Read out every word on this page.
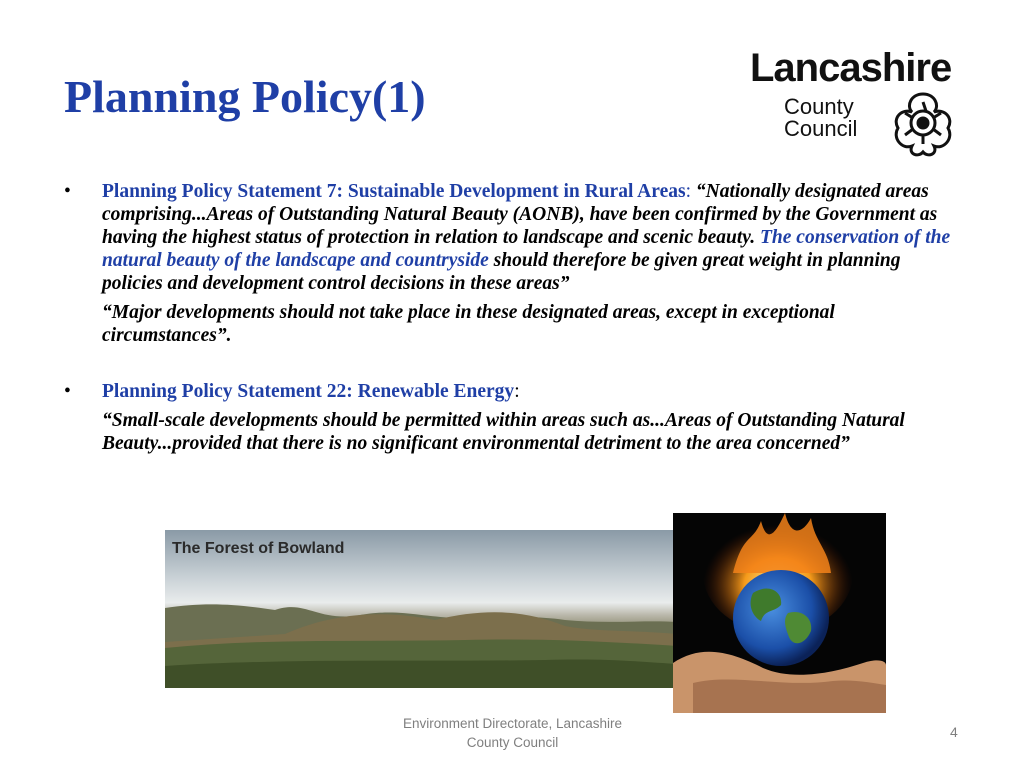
Planning Policy(1)
Lancashire
County
Council
• Planning Policy Statement 7: Sustainable Development in Rural Areas: “Nationally designated areas comprising...Areas of Outstanding Natural Beauty (AONB), have been confirmed by the Government as having the highest status of protection in relation to landscape and scenic beauty. The conservation of the natural beauty of the landscape and countryside should therefore be given great weight in planning policies and development control decisions in these areas”

“Major developments should not take place in these designated areas, except in exceptional circumstances”.

• Planning Policy Statement 22: Renewable Energy:

“Small-scale developments should be permitted within areas such as...Areas of Outstanding Natural Beauty...provided that there is no significant environmental detriment to the area concerned”

The Forest of Bowland
Environment Directorate, Lancashire
County Council
4
